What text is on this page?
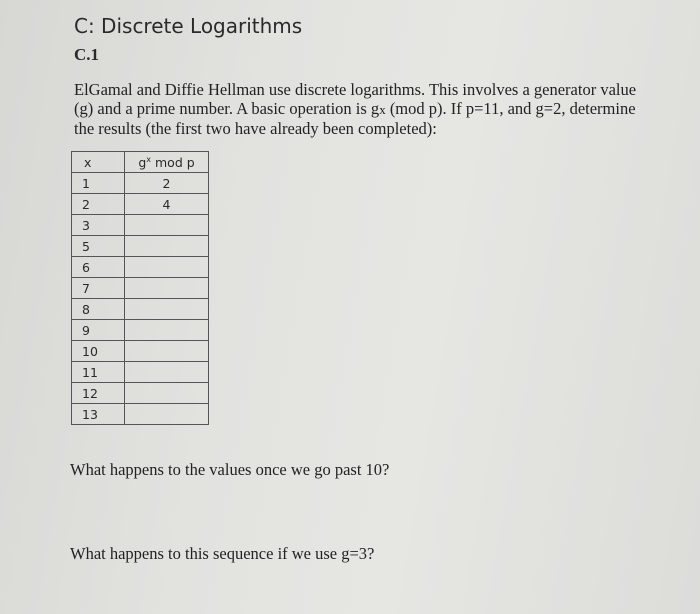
C: Discrete Logarithms
C.1
ElGamal and Diffie Hellman use discrete logarithms. This involves a generator value
(g) and a prime number. A basic operation is gx (mod p). If p=11, and g=2, determine
the results (the first two have already been completed):
x	$g^x$ mod p
1	2
2	4
3	
5	
6	
7	
8	
9	
10	
11	
12	
13	
What happens to the values once we go past 10?
What happens to this sequence if we use g=3?
